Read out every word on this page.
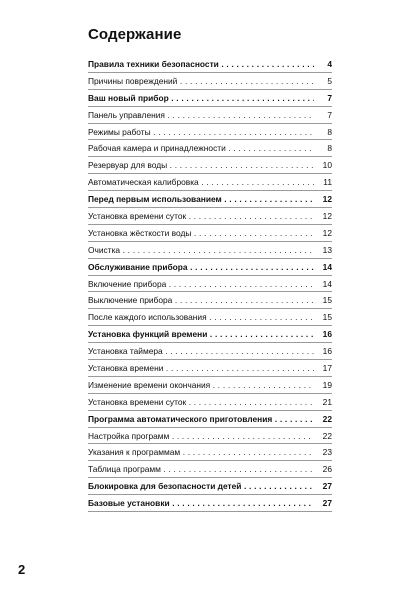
Содержание
Правила техники безопасности . . .	4
Причины повреждений . . .	5
Ваш новый прибор . . .	7
Панель управления . . .	7
Режимы работы . . .	8
Рабочая камера и принадлежности . . .	8
Резервуар для воды . . .	10
Автоматическая калибровка . . .	11
Перед первым использованием . . .	12
Установка времени суток . . .	12
Установка жёсткости воды . . .	12
Очистка . . .	13
Обслуживание прибора . . .	14
Включение прибора . . .	14
Выключение прибора . . .	15
После каждого использования . . .	15
Установка функций времени . . .	16
Установка таймера . . .	16
Установка времени . . .	17
Изменение времени окончания . . .	19
Установка времени суток . . .	21
Программа автоматического приготовления . . .	22
Настройка программ . . .	22
Указания к программам . . .	23
Таблица программ . . .	26
Блокировка для безопасности детей . . .	27
Базовые установки . . .	27
2
